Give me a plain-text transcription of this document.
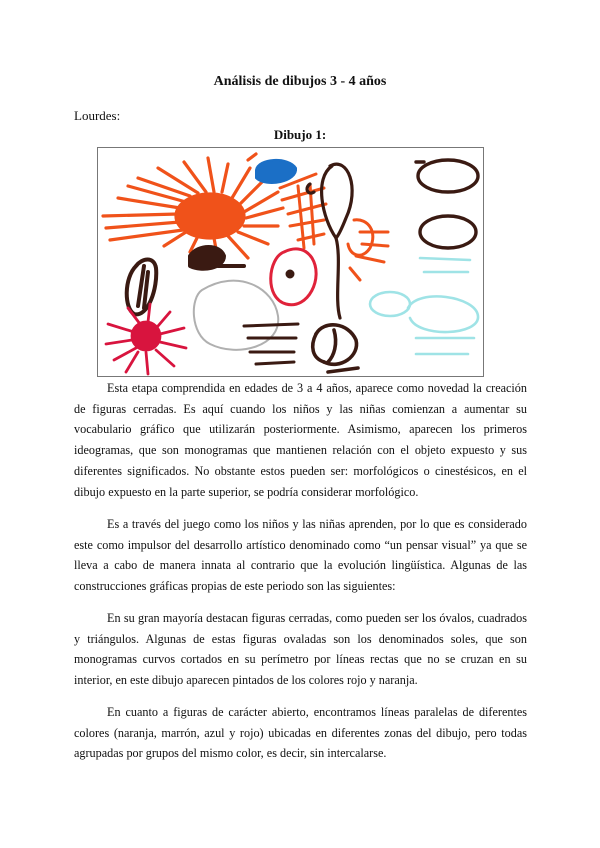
Análisis de dibujos 3 - 4 años
Lourdes:
Dibujo 1:
Esta etapa comprendida en edades de 3 a 4 años, aparece como novedad la creación de figuras cerradas. Es aquí cuando los niños y las niñas comienzan a aumentar su vocabulario gráfico que utilizarán posteriormente. Asimismo, aparecen los primeros ideogramas, que son monogramas que mantienen relación con el objeto expuesto y sus diferentes significados. No obstante estos pueden ser: morfológicos o cinestésicos, en el dibujo expuesto en la parte superior, se podría considerar morfológico.
Es a través del juego como los niños y las niñas aprenden, por lo que es considerado este como impulsor del desarrollo artístico denominado como “un pensar visual” ya que se lleva a cabo de manera innata al contrario que la evolución lingüística. Algunas de las construcciones gráficas propias de este periodo son las siguientes:
En su gran mayoría destacan figuras cerradas, como pueden ser los óvalos, cuadrados y triángulos. Algunas de estas figuras ovaladas son los denominados soles, que son monogramas curvos cortados en su perímetro por líneas rectas que no se cruzan en su interior, en este dibujo aparecen pintados de los colores rojo y naranja.
En cuanto a figuras de carácter abierto, encontramos líneas paralelas de diferentes colores (naranja, marrón, azul y rojo) ubicadas en diferentes zonas del dibujo, pero todas agrupadas por grupos del mismo color, es decir, sin intercalarse.
